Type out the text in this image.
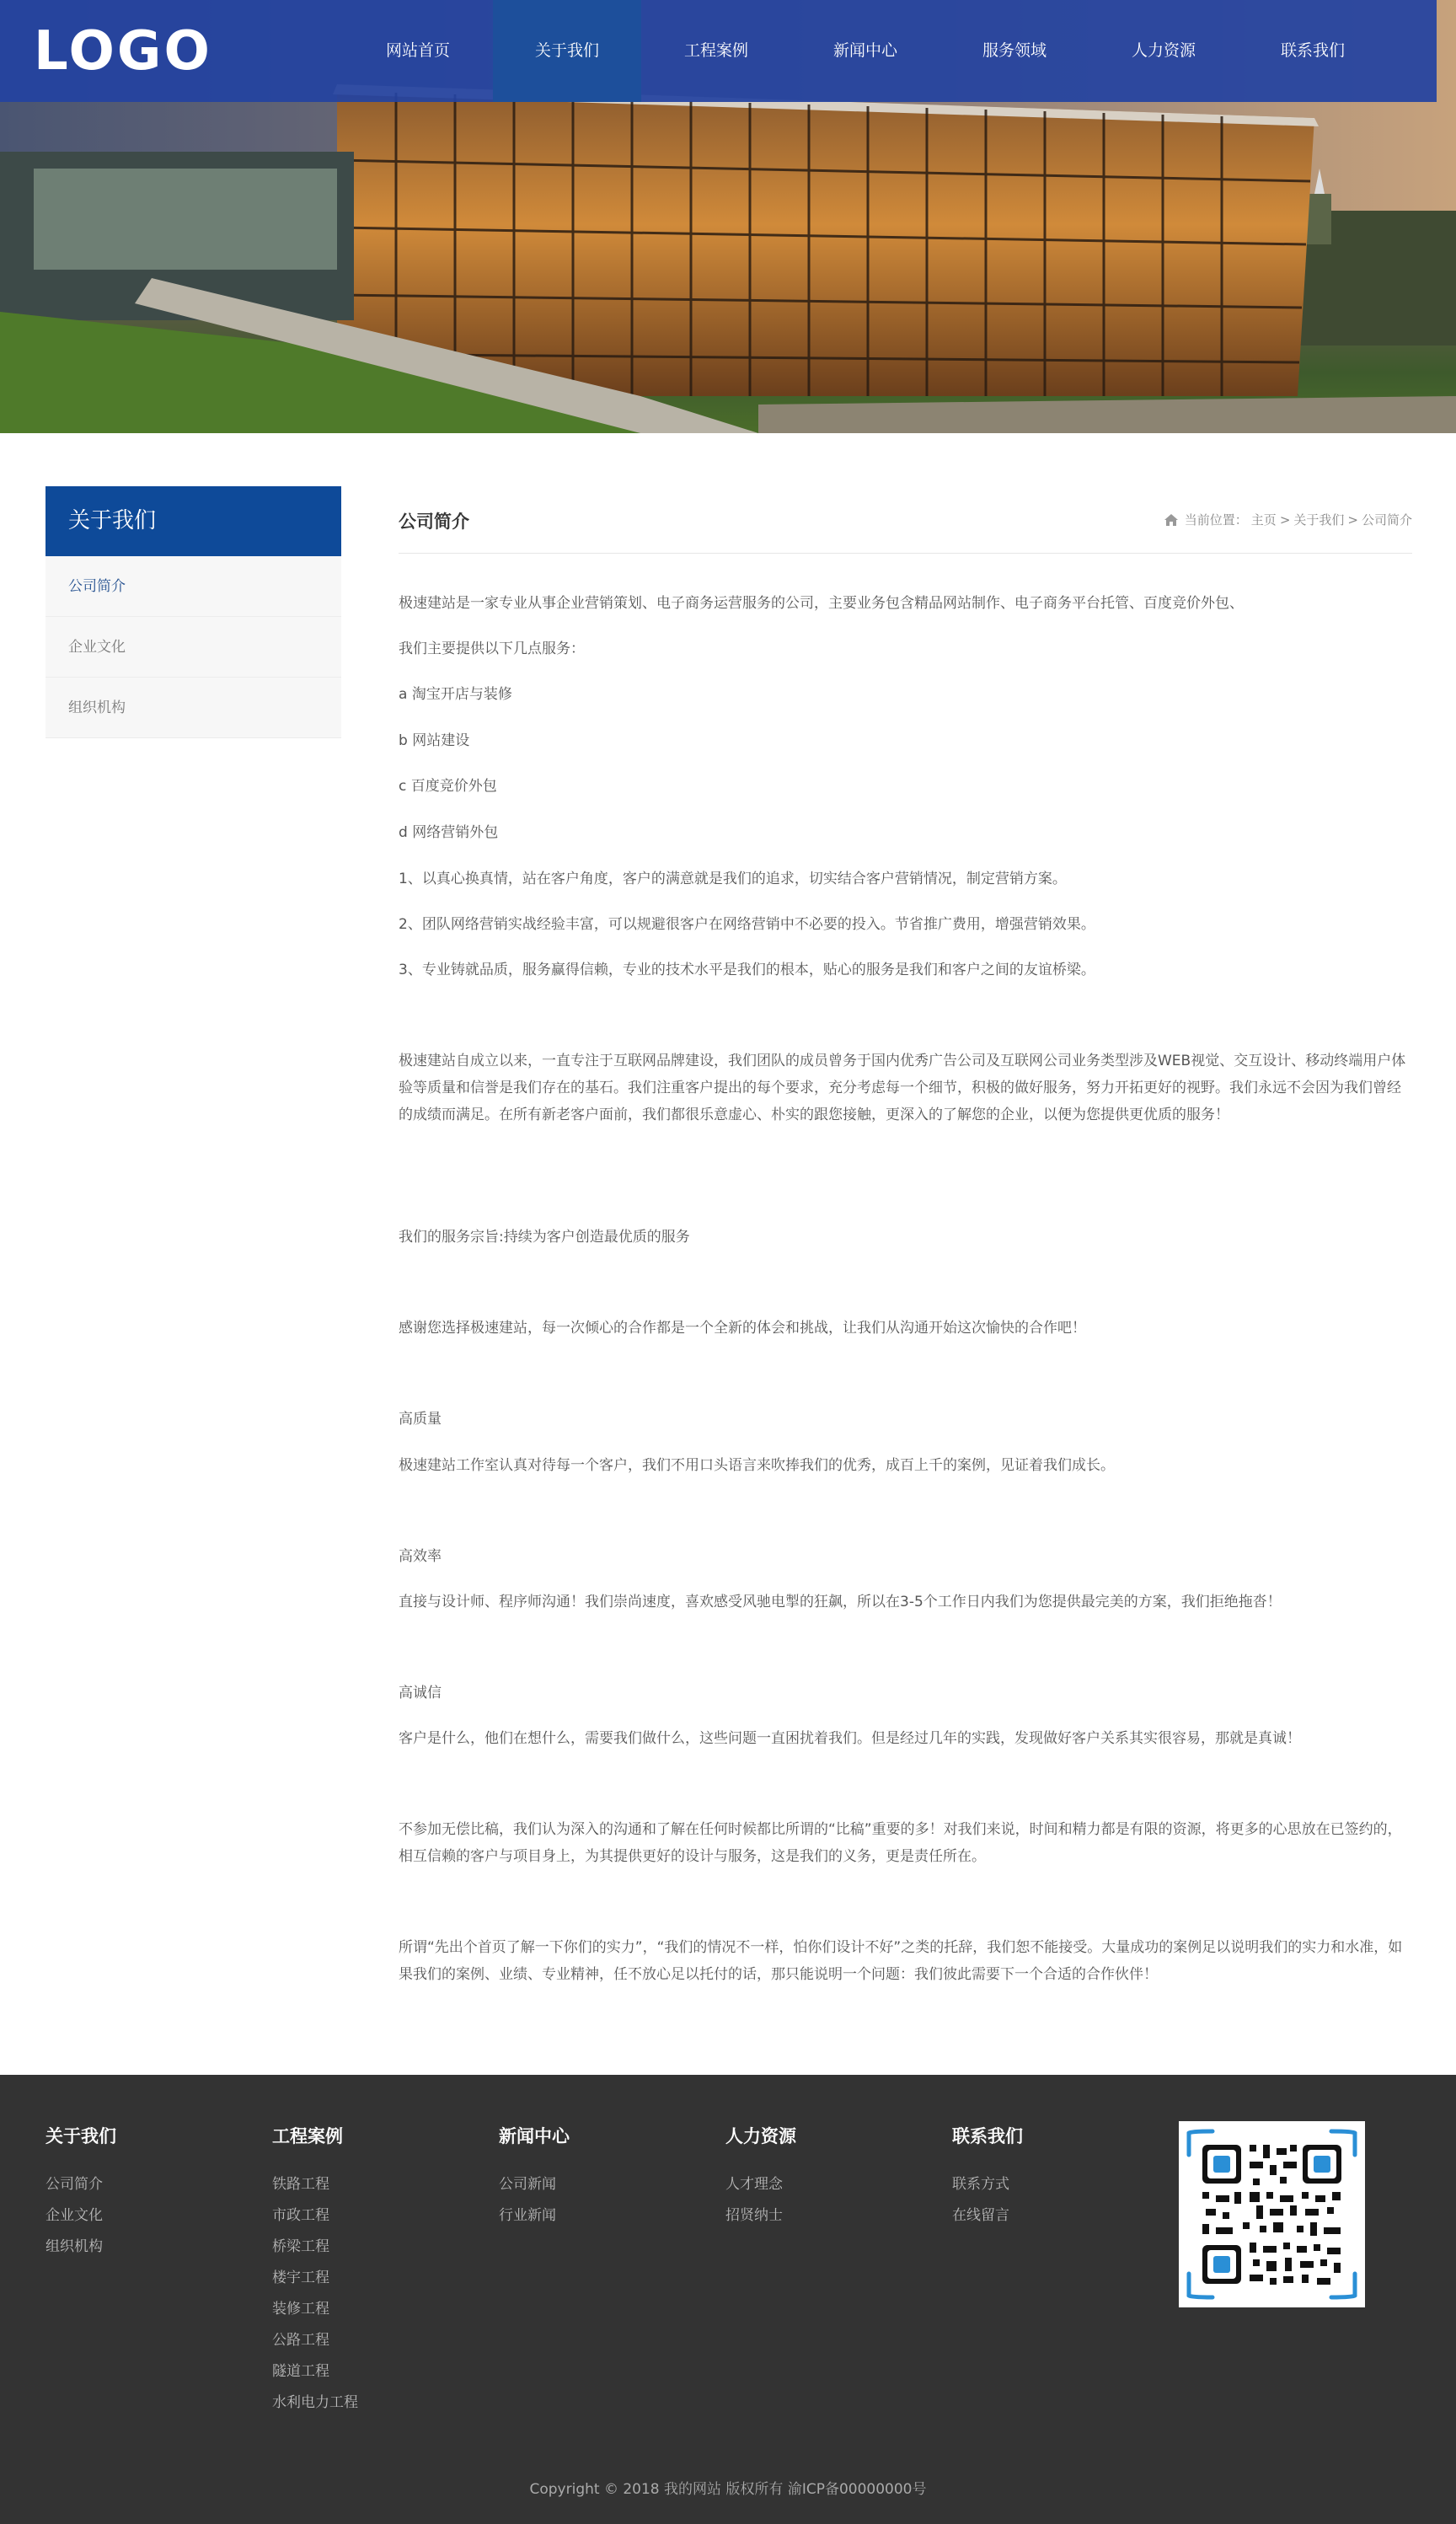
LOGO	网站首页	关于我们	工程案例	新闻中心	服务领域	人力资源	联系我们
关于我们
公司简介
企业文化
组织机构
公司简介	当前位置： 主页 > 关于我们 > 公司简介

极速建站是一家专业从事企业营销策划、电子商务运营服务的公司，主要业务包含精品网站制作、电子商务平台托管、百度竞价外包、

我们主要提供以下几点服务：

a 淘宝开店与装修

b 网站建设

c 百度竞价外包

d 网络营销外包

1、以真心换真情，站在客户角度，客户的满意就是我们的追求，切实结合客户营销情况，制定营销方案。

2、团队网络营销实战经验丰富，可以规避很客户在网络营销中不必要的投入。节省推广费用，增强营销效果。

3、专业铸就品质，服务赢得信赖，专业的技术水平是我们的根本，贴心的服务是我们和客户之间的友谊桥梁。

极速建站自成立以来，一直专注于互联网品牌建设，我们团队的成员曾务于国内优秀广告公司及互联网公司业务类型涉及WEB视觉、交互设计、移动终端用户体验等质量和信誉是我们存在的基石。我们注重客户提出的每个要求，充分考虑每一个细节，积极的做好服务，努力开拓更好的视野。我们永远不会因为我们曾经的成绩而满足。在所有新老客户面前，我们都很乐意虚心、朴实的跟您接触，更深入的了解您的企业，以便为您提供更优质的服务！

我们的服务宗旨:持续为客户创造最优质的服务

感谢您选择极速建站，每一次倾心的合作都是一个全新的体会和挑战，让我们从沟通开始这次愉快的合作吧！

高质量

极速建站工作室认真对待每一个客户，我们不用口头语言来吹捧我们的优秀，成百上千的案例，见证着我们成长。

高效率

直接与设计师、程序师沟通！我们崇尚速度，喜欢感受风驰电掣的狂飙，所以在3-5个工作日内我们为您提供最完美的方案，我们拒绝拖沓！

高诚信

客户是什么，他们在想什么，需要我们做什么，这些问题一直困扰着我们。但是经过几年的实践，发现做好客户关系其实很容易，那就是真诚！

不参加无偿比稿，我们认为深入的沟通和了解在任何时候都比所谓的“比稿”重要的多！对我们来说，时间和精力都是有限的资源，将更多的心思放在已签约的，相互信赖的客户与项目身上，为其提供更好的设计与服务，这是我们的义务，更是责任所在。

所谓“先出个首页了解一下你们的实力”，“我们的情况不一样，怕你们设计不好”之类的托辞，我们恕不能接受。大量成功的案例足以说明我们的实力和水准，如果我们的案例、业绩、专业精神，任不放心足以托付的话，那只能说明一个问题：我们彼此需要下一个合适的合作伙伴！

关于我们
公司简介
企业文化
组织机构
工程案例
铁路工程
市政工程
桥梁工程
楼宇工程
装修工程
公路工程
隧道工程
水利电力工程
新闻中心
公司新闻
行业新闻
人力资源
人才理念
招贤纳士
联系我们
联系方式
在线留言
Copyright © 2018 我的网站 版权所有 渝ICP备00000000号
